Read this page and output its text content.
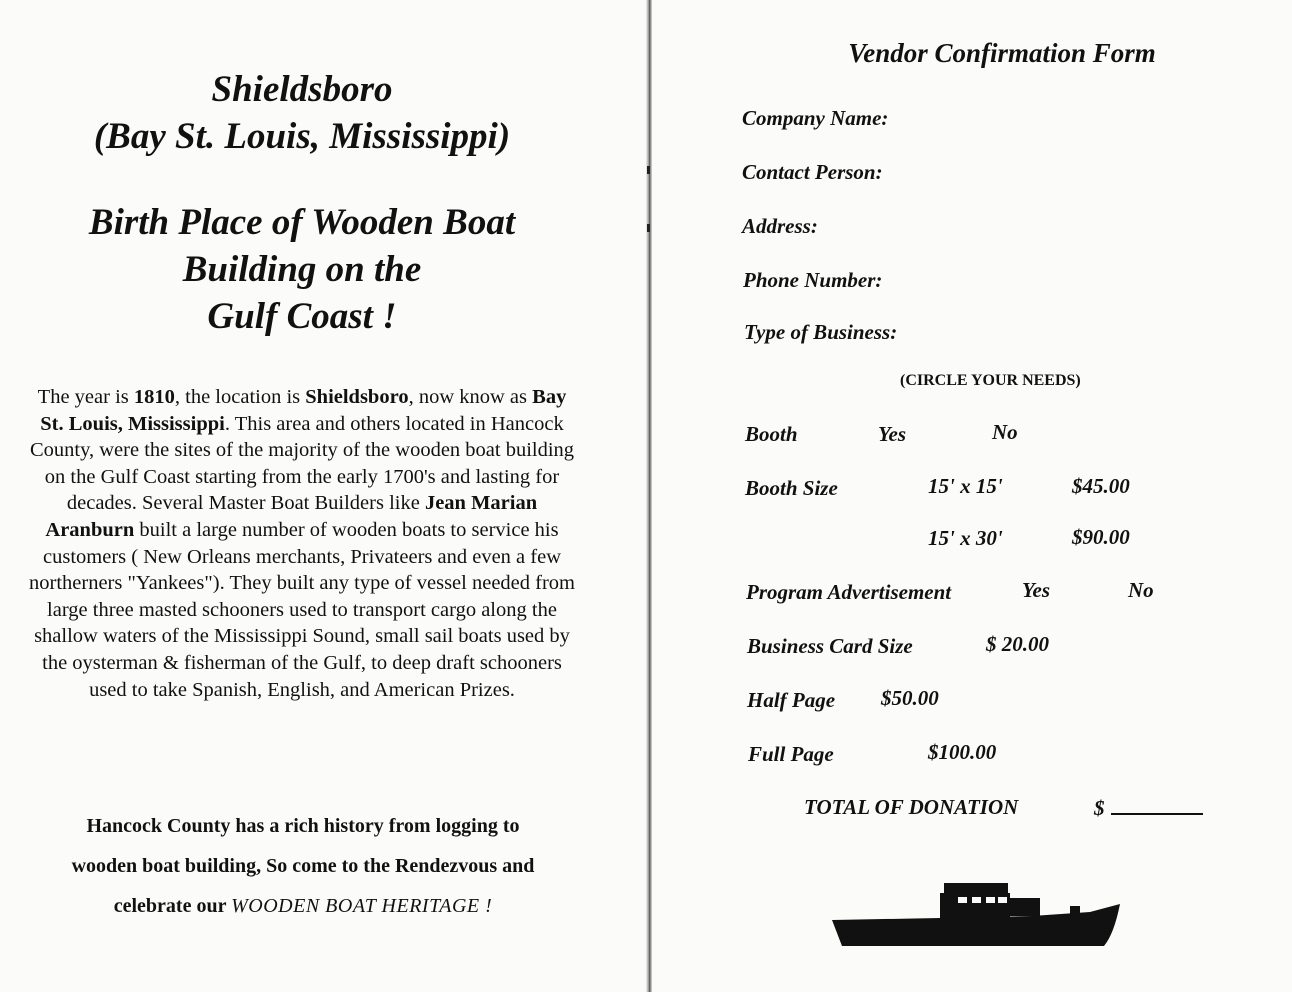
Shieldsboro
(Bay St. Louis, Mississippi)
Birth Place of Wooden Boat
Building on the
Gulf Coast !

The year is 1810, the location is Shieldsboro, now know as Bay St. Louis, Mississippi. This area and others located in Hancock County, were the sites of the majority of the wooden boat building on the Gulf Coast starting from the early 1700's and lasting for decades. Several Master Boat Builders like Jean Marian Aranburn built a large number of wooden boats to service his customers ( New Orleans merchants, Privateers and even a few northerners "Yankees"). They built any type of vessel needed from large three masted schooners used to transport cargo along the shallow waters of the Mississippi Sound, small sail boats used by the oysterman & fisherman of the Gulf, to deep draft schooners used to take Spanish, English, and American Prizes.

Hancock County has a rich history from logging to
wooden boat building, So come to the Rendezvous and
celebrate our WOODEN BOAT HERITAGE !

Vendor Confirmation Form
Company Name:
Contact Person:
Address:
Phone Number:
Type of Business:
(CIRCLE YOUR NEEDS)
Booth	Yes	No
Booth Size	15' x 15'	$45.00
15' x 30'	$90.00
Program Advertisement	Yes	No
Business Card Size	$ 20.00
Half Page $50.00
Full Page	$100.00
TOTAL OF DONATION	$
